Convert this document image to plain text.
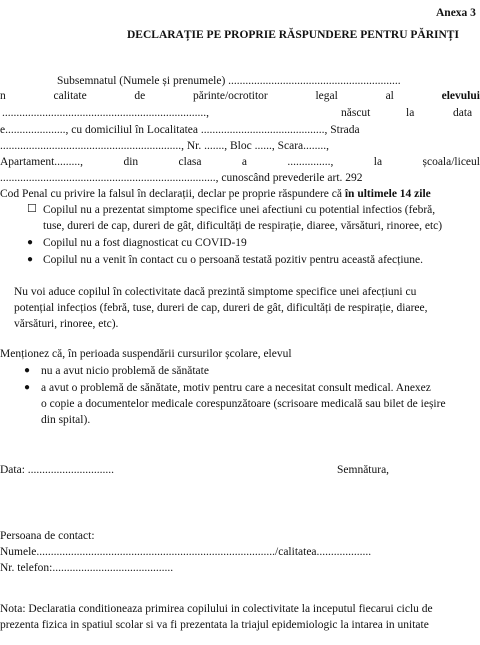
Anexa 3
DECLARAȚIE PE PROPRIE RĂSPUNDERE PENTRU PĂRINȚI
Subsemnatul (Numele și prenumele) ............................................................
n	calitate	de	părinte/ocrotitor	legal	al	elevului
.......................................................................,	născut	la	data
e....................., cu domiciliul în Localitatea ..........................................., Strada
..............................................................., Nr. ......., Bloc ......, Scara........,
Apartament.........,	din	clasa	a	...............,	la	școala/liceul
..........................................................................., cunoscând prevederile art. 292
Cod Penal cu privire la falsul în declarații, declar pe proprie răspundere că în ultimele 14 zile
☐ Copilul nu a prezentat simptome specifice unei afectiuni cu potential infectios (febră,
tuse, dureri de cap, dureri de gât, dificultăți de respirație, diaree, vărsături, rinoree, etc)
● Copilul nu a fost diagnosticat cu COVID-19
● Copilul nu a venit în contact cu o persoană testată pozitiv pentru această afecțiune.
Nu voi aduce copilul în colectivitate dacă prezintă simptome specifice unei afecțiuni cu
potențial infecțios (febră, tuse, dureri de cap, dureri de gât, dificultăți de respirație, diaree,
vărsături, rinoree, etc).
Menționez că, în perioada suspendării cursurilor școlare, elevul
● nu a avut nicio problemă de sănătate
● a avut o problemă de sănătate, motiv pentru care a necesitat consult medical. Anexez
o copie a documentelor medicale corespunzătoare (scrisoare medicală sau bilet de ieșire
din spital).
Data: ..............................	Semnătura,
Persoana de contact:
Numele.................................................................................../calitatea...................
Nr. telefon:..........................................
Nota: Declaratia conditioneaza primirea copilului in colectivitate la inceputul fiecarui ciclu de
prezenta fizica in spatiul scolar si va fi prezentata la triajul epidemiologic la intarea in unitate
